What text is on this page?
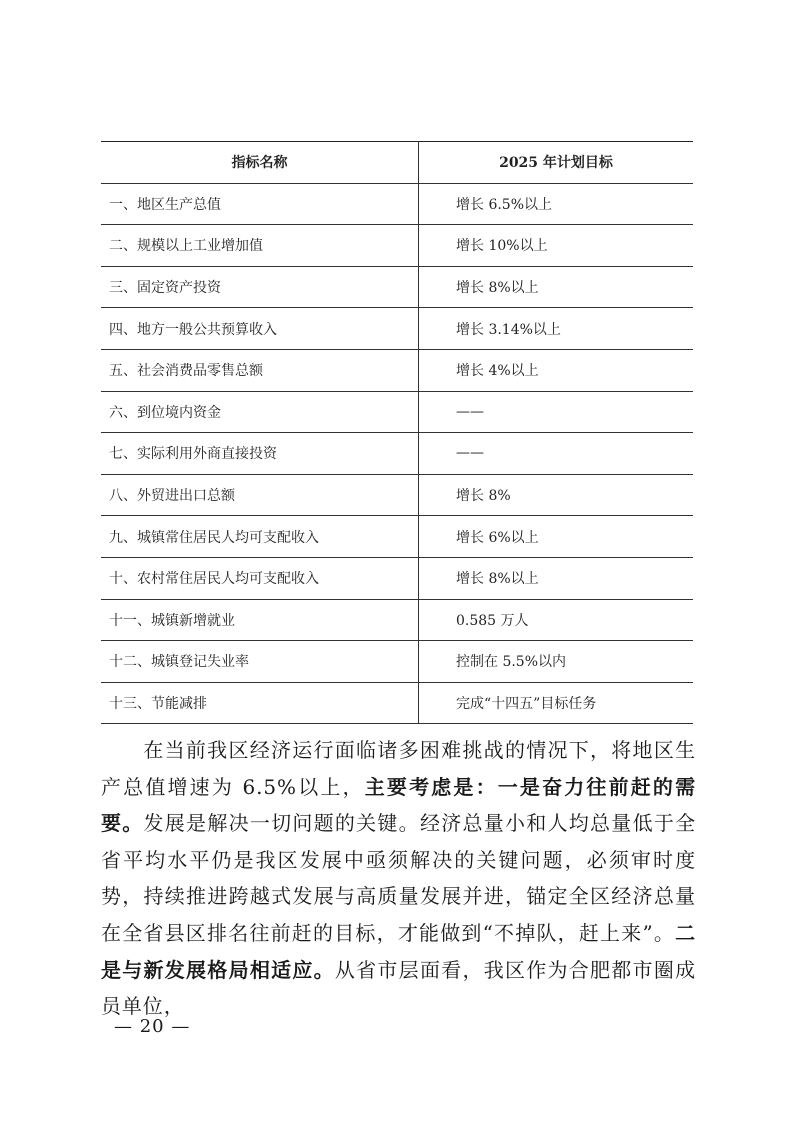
指标名称	2025 年计划目标
一、地区生产总值	增长 6.5%以上
二、规模以上工业增加值	增长 10%以上
三、固定资产投资	增长 8%以上
四、地方一般公共预算收入	增长 3.14%以上
五、社会消费品零售总额	增长 4%以上
六、到位境内资金	——
七、实际利用外商直接投资	——
八、外贸进出口总额	增长 8%
九、城镇常住居民人均可支配收入	增长 6%以上
十、农村常住居民人均可支配收入	增长 8%以上
十一、城镇新增就业	0.585 万人
十二、城镇登记失业率	控制在 5.5%以内
十三、节能减排	完成“十四五”目标任务

在当前我区经济运行面临诸多困难挑战的情况下，将地区生产总值增速为 6.5%以上，主要考虑是：一是奋力往前赶的需要。发展是解决一切问题的关键。经济总量小和人均总量低于全省平均水平仍是我区发展中亟须解决的关键问题，必须审时度势，持续推进跨越式发展与高质量发展并进，锚定全区经济总量在全省县区排名往前赶的目标，才能做到“不掉队，赶上来”。二是与新发展格局相适应。从省市层面看，我区作为合肥都市圈成员单位，

— 20 —
